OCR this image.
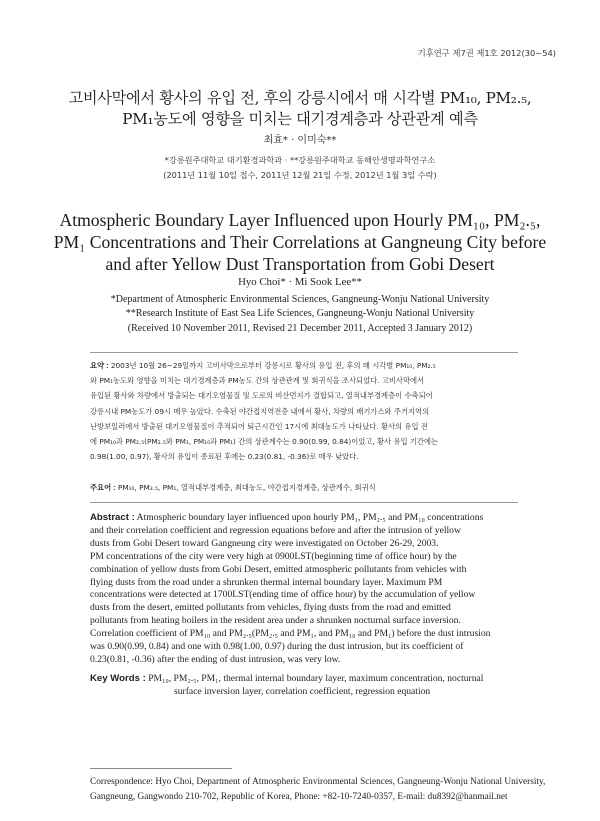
기후연구 제7권 제1호 2012(30∼54)
고비사막에서 황사의 유입 전, 후의 강릉시에서 매 시각별 PM₁₀, PM₂.₅,
PM₁농도에 영향을 미치는 대기경계층과 상관관계 예측
최효* · 이미숙**
*강릉원주대학교 대기환경과학과 · **강릉원주대학교 동해안생명과학연구소
(2011년 11월 10일 접수, 2011년 12월 21일 수정, 2012년 1월 3일 수락)
Atmospheric Boundary Layer Influenced upon Hourly PM₁₀, PM₂.₅,
PM₁ Concentrations and Their Correlations at Gangneung City before
and after Yellow Dust Transportation from Gobi Desert
Hyo Choi* · Mi Sook Lee**
*Department of Atmospheric Environmental Sciences, Gangneung-Wonju National University
**Research Institute of East Sea Life Sciences, Gangneung-Wonju National University
(Received 10 November 2011, Revised 21 December 2011, Accepted 3 January 2012)
요약 : 2003년 10월 26∼29일까지 고비사막으로부터 강릉시로 황사의 유입 전, 후의 매 시각별 PM₁₀, PM₂.₅
와 PM₁농도와 영향을 미치는 대기경계층과 PM농도 간의 상관관계 및 회귀식을 조사되었다. 고비사막에서
유입된 황사와 차량에서 방출되는 대기오염물질 및 도로의 비산먼지가 결합되고, 열적내부경계층이 수축되어
강릉시내 PM농도가 09시 매우 높았다. 수축된 야간접지역전층 내에서 황사, 차량의 배기가스와 주거지역의
난방보일러에서 방출된 대기오염물질이 추적되어 퇴근시간인 17시에 최대농도가 나타났다. 황사의 유입 전
에 PM₁₀과 PM₂.₅(PM₂.₅와 PM₁, PM₁₀과 PM₁) 간의 상관계수는 0.90(0.99, 0.84)이었고, 황사 유입 기간에는
0.98(1.00, 0.97), 황사의 유입이 종료된 후에는 0.23(0.81, -0.36)로 매우 낮았다.
주요어 : PM₁₀, PM₂.₅, PM₁, 열적내부경계층, 최대농도, 야간접지경계층, 상관계수, 회귀식
Abstract : Atmospheric boundary layer influenced upon hourly PM₁, PM₂.₅ and PM₁₀ concentrations
and their correlation coefficient and regression equations before and after the intrusion of yellow
dusts from Gobi Desert toward Gangneung city were investigated on October 26-29, 2003.
PM concentrations of the city were very high at 0900LST(beginning time of office hour) by the
combination of yellow dusts from Gobi Desert, emitted atmospheric pollutants from vehicles with
flying dusts from the road under a shrunken thermal internal boundary layer. Maximum PM
concentrations were detected at 1700LST(ending time of office hour) by the accumulation of yellow
dusts from the desert, emitted pollutants from vehicles, flying dusts from the road and emitted
pollutants from heating boilers in the resident area under a shrunken nocturnal surface inversion.
Correlation coefficient of PM₁₀ and PM₂.₅(PM₂.₅ and PM₁, and PM₁₀ and PM₁) before the dust intrusion
was 0.90(0.99, 0.84) and one with 0.98(1.00, 0.97) during the dust intrusion, but its coefficient of
0.23(0.81, -0.36) after the ending of dust intrusion, was very low.
Key Words : PM₁₀, PM₂.₅, PM₁, thermal internal boundary layer, maximum concentration, nocturnal
surface inversion layer, correlation coefficient, regression equation
Correspondence: Hyo Choi, Department of Atmospheric Environmental Sciences, Gangneung-Wonju National University,
Gangneung, Gangwondo 210-702, Republic of Korea, Phone: +82-10-7240-0357, E-mail: du8392@hanmail.net
